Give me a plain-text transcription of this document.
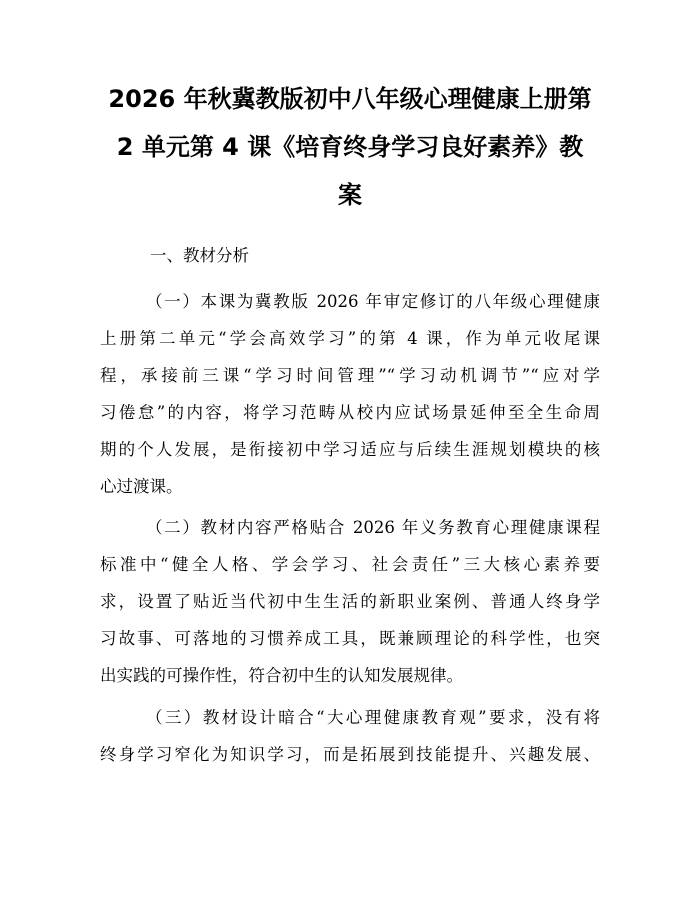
2026 年秋冀教版初中八年级心理健康上册第
2 单元第 4 课《培育终身学习良好素养》教
案
一、教材分析
（一）本课为冀教版 2026 年审定修订的八年级心理健康
上册第二单元“学会高效学习”的第 4 课，作为单元收尾课
程，承接前三课“学习时间管理”“学习动机调节”“应对学
习倦怠”的内容，将学习范畴从校内应试场景延伸至全生命周
期的个人发展，是衔接初中学习适应与后续生涯规划模块的核
心过渡课。
（二）教材内容严格贴合 2026 年义务教育心理健康课程
标准中“健全人格、学会学习、社会责任”三大核心素养要
求，设置了贴近当代初中生生活的新职业案例、普通人终身学
习故事、可落地的习惯养成工具，既兼顾理论的科学性，也突
出实践的可操作性，符合初中生的认知发展规律。
（三）教材设计暗合“大心理健康教育观”要求，没有将
终身学习窄化为知识学习，而是拓展到技能提升、兴趣发展、
